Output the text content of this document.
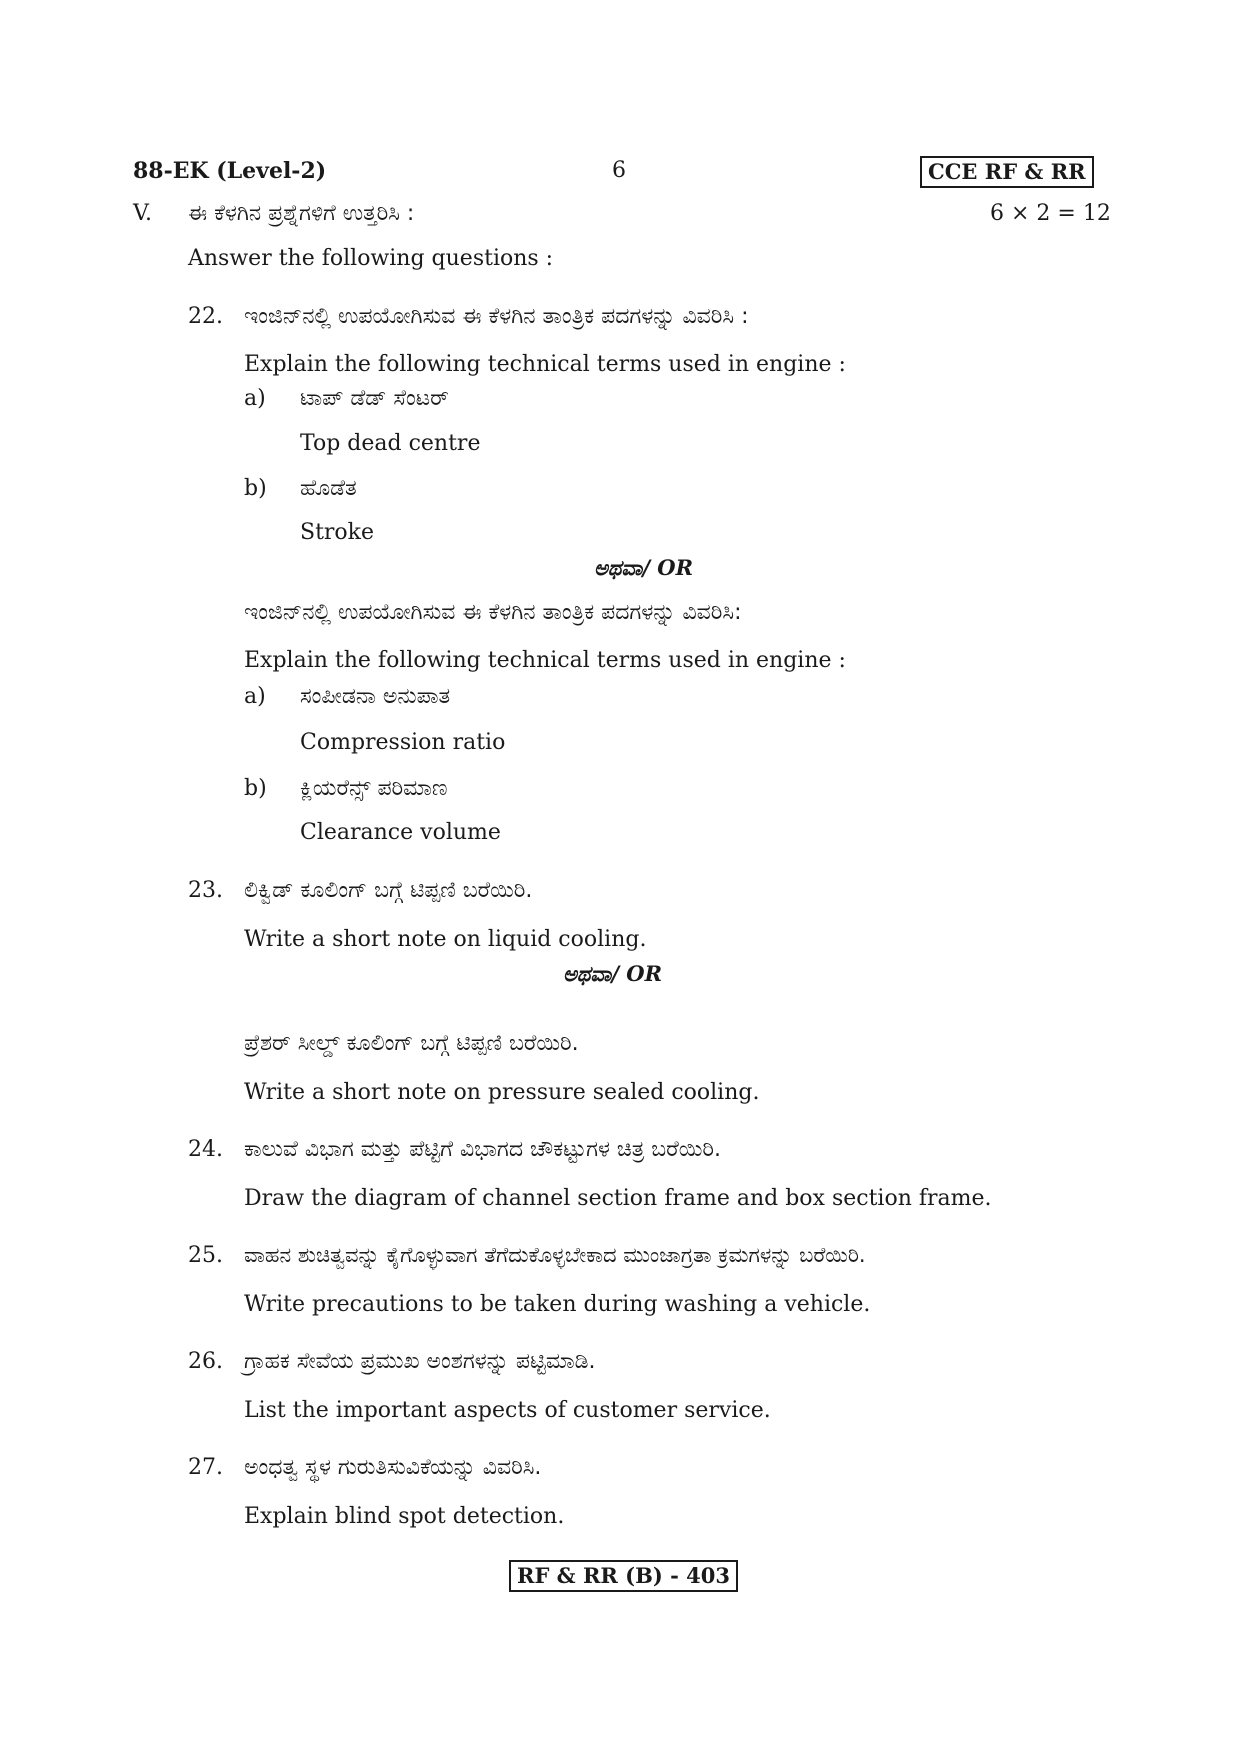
88-EK (Level-2)	6	CCE RF & RR
V. ಈ ಕೆಳಗಿನ ಪ್ರಶ್ನೆಗಳಿಗೆ ಉತ್ತರಿಸಿ :	6 × 2 = 12
Answer the following questions :
22. ಇಂಜಿನ್‌ನಲ್ಲಿ ಉಪಯೋಗಿಸುವ ಈ ಕೆಳಗಿನ ತಾಂತ್ರಿಕ ಪದಗಳನ್ನು ವಿವರಿಸಿ :
Explain the following technical terms used in engine :
a) ಟಾಪ್ ಡೆಡ್ ಸೆಂಟರ್
Top dead centre
b) ಹೊಡೆತ
Stroke
ಅಥವಾ/ OR
ಇಂಜಿನ್‌ನಲ್ಲಿ ಉಪಯೋಗಿಸುವ ಈ ಕೆಳಗಿನ ತಾಂತ್ರಿಕ ಪದಗಳನ್ನು ವಿವರಿಸಿ:
Explain the following technical terms used in engine :
a) ಸಂಪೀಡನಾ ಅನುಪಾತ
Compression ratio
b) ಕ್ಲಿಯರೆನ್ಸ್ ಪರಿಮಾಣ
Clearance volume
23. ಲಿಕ್ವಿಡ್ ಕೂಲಿಂಗ್ ಬಗ್ಗೆ ಟಿಪ್ಪಣಿ ಬರೆಯಿರಿ.
Write a short note on liquid cooling.
ಅಥವಾ/ OR
ಪ್ರೆಶರ್ ಸೀಲ್ಡ್ ಕೂಲಿಂಗ್ ಬಗ್ಗೆ ಟಿಪ್ಪಣಿ ಬರೆಯಿರಿ.
Write a short note on pressure sealed cooling.
24. ಕಾಲುವೆ ವಿಭಾಗ ಮತ್ತು ಪೆಟ್ಟಿಗೆ ವಿಭಾಗದ ಚೌಕಟ್ಟುಗಳ ಚಿತ್ರ ಬರೆಯಿರಿ.
Draw the diagram of channel section frame and box section frame.
25. ವಾಹನ ಶುಚಿತ್ವವನ್ನು ಕೈಗೊಳ್ಳುವಾಗ ತೆಗೆದುಕೊಳ್ಳಬೇಕಾದ ಮುಂಜಾಗ್ರತಾ ಕ್ರಮಗಳನ್ನು ಬರೆಯಿರಿ.
Write precautions to be taken during washing a vehicle.
26. ಗ್ರಾಹಕ ಸೇವೆಯ ಪ್ರಮುಖ ಅಂಶಗಳನ್ನು ಪಟ್ಟಿಮಾಡಿ.
List the important aspects of customer service.
27. ಅಂಧತ್ವ ಸ್ಥಳ ಗುರುತಿಸುವಿಕೆಯನ್ನು ವಿವರಿಸಿ.
Explain blind spot detection.
RF & RR (B) - 403
